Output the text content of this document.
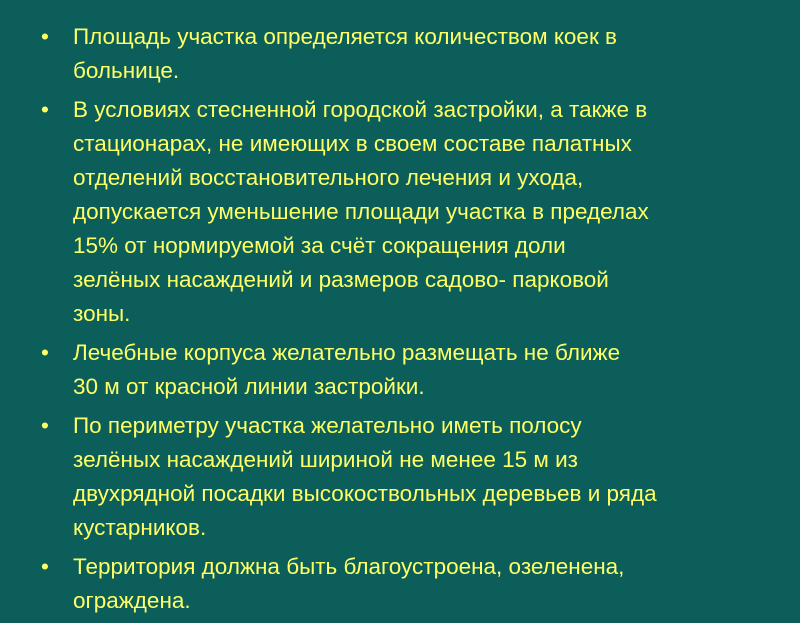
•	Площадь участка определяется количеством коек в
больнице.
•	В условиях стесненной городской застройки, а также в
стационарах, не имеющих в своем составе палатных
отделений восстановительного лечения и ухода,
допускается уменьшение площади участка в пределах
15% от нормируемой за счёт сокращения доли
зелёных насаждений и размеров садово- парковой
зоны.
•	Лечебные корпуса желательно размещать не ближе
30 м от красной линии застройки.
•	По периметру участка желательно иметь полосу
зелёных насаждений шириной не менее 15 м из
двухрядной посадки высокоствольных деревьев и ряда
кустарников.
•	Территория должна быть благоустроена, озеленена,
ограждена.
